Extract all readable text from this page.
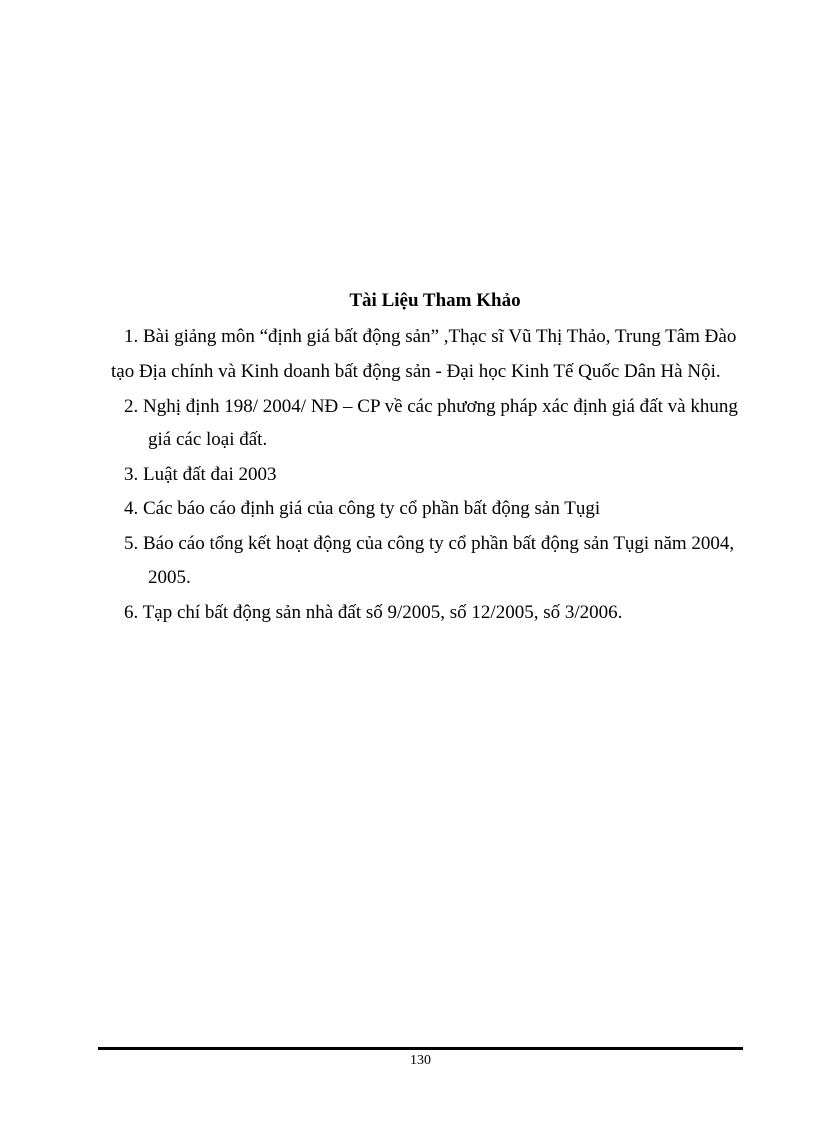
Tài Liệu Tham Khảo
1. Bài giảng môn “định giá bất động sản” ,Thạc sĩ Vũ Thị Thảo, Trung Tâm Đào
tạo Địa chính và Kinh doanh bất động sản - Đại học Kinh Tế Quốc Dân Hà Nội.
2. Nghị định 198/ 2004/ NĐ – CP về các phương pháp xác định giá đất và khung
giá các loại đất.
3. Luật đất đai 2003
4. Các báo cáo định giá của công ty cổ phần bất động sản Tụgi
5. Báo cáo tổng kết hoạt động của công ty cổ phần bất động sản Tụgi năm 2004,
2005.
6. Tạp chí bất động sản nhà đất số 9/2005, số 12/2005, số 3/2006.
130
